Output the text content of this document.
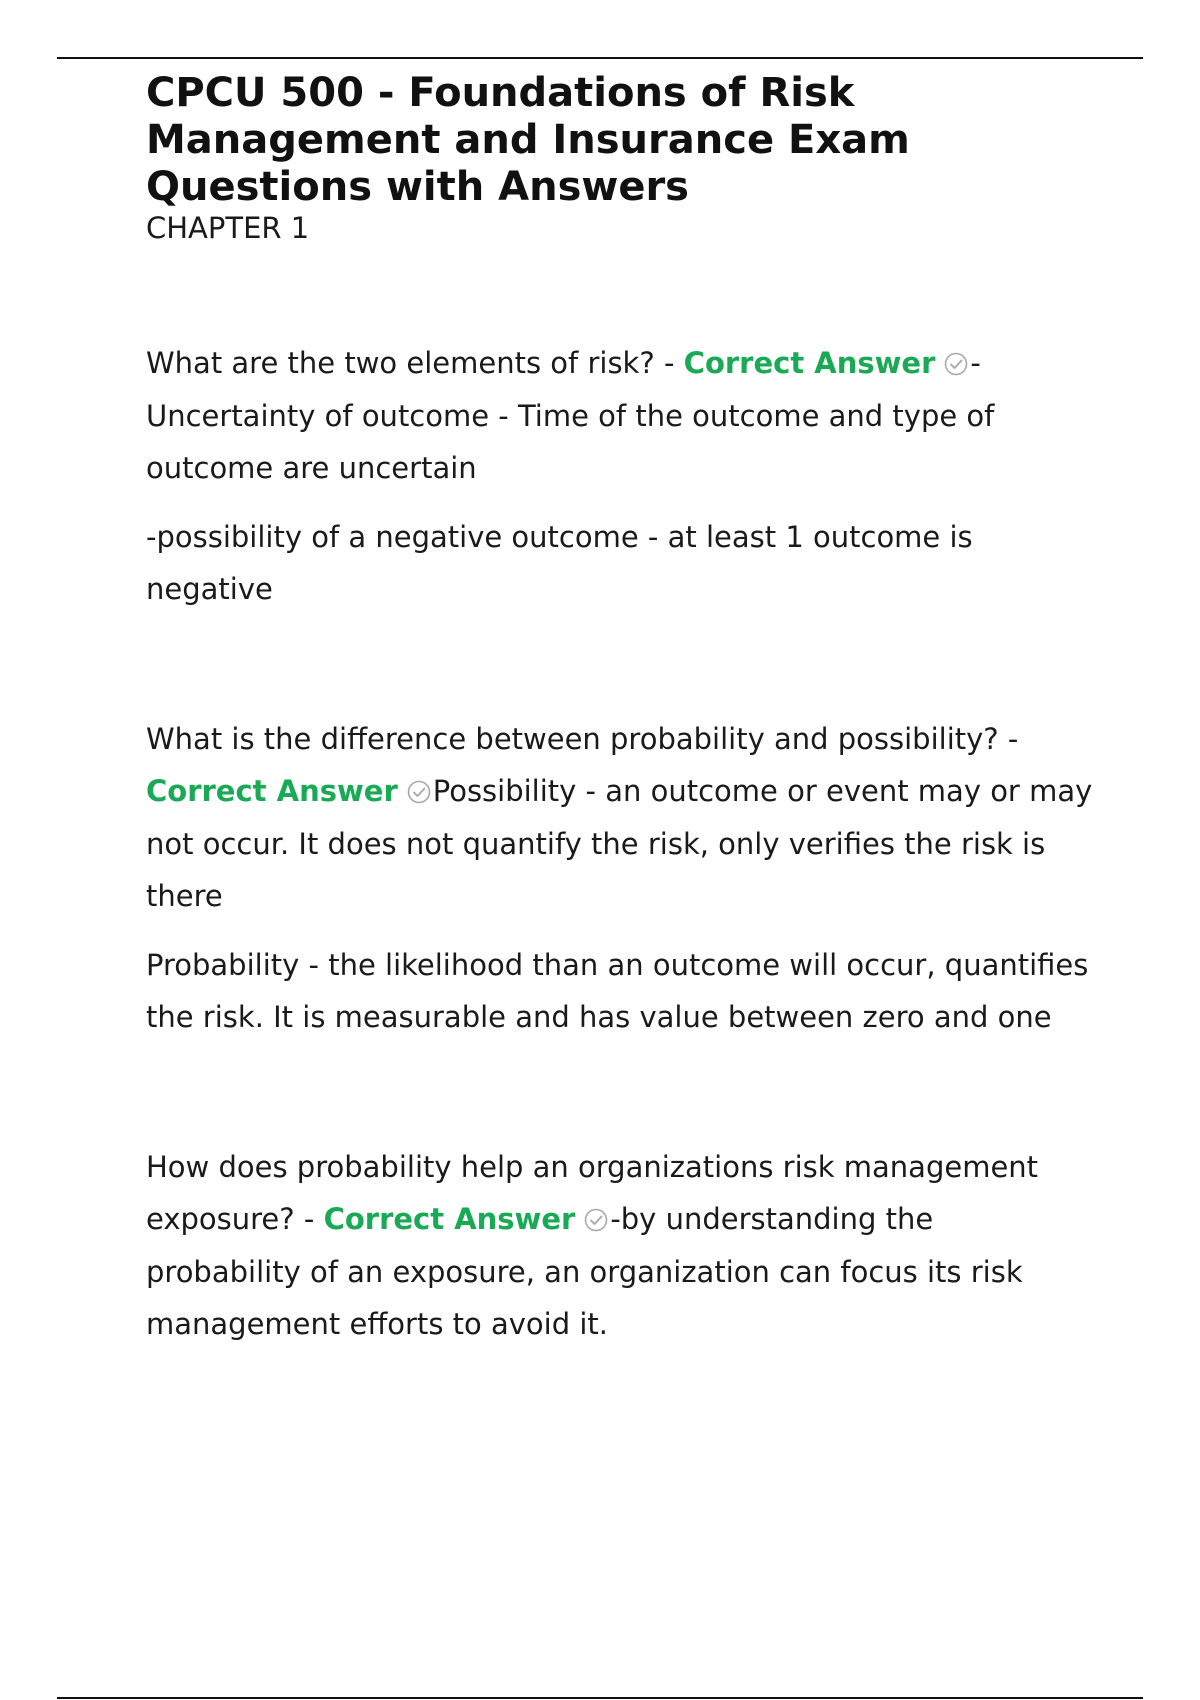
CPCU 500 - Foundations of Risk
Management and Insurance Exam
Questions with Answers
CHAPTER 1

What are the two elements of risk? - Correct Answer - Uncertainty of outcome - Time of the outcome and type of outcome are uncertain

-possibility of a negative outcome - at least 1 outcome is negative

What is the difference between probability and possibility? - Correct Answer Possibility - an outcome or event may or may not occur. It does not quantify the risk, only verifies the risk is there

Probability - the likelihood than an outcome will occur, quantifies the risk. It is measurable and has value between zero and one

How does probability help an organizations risk management exposure? - Correct Answer -by understanding the probability of an exposure, an organization can focus its risk management efforts to avoid it.
